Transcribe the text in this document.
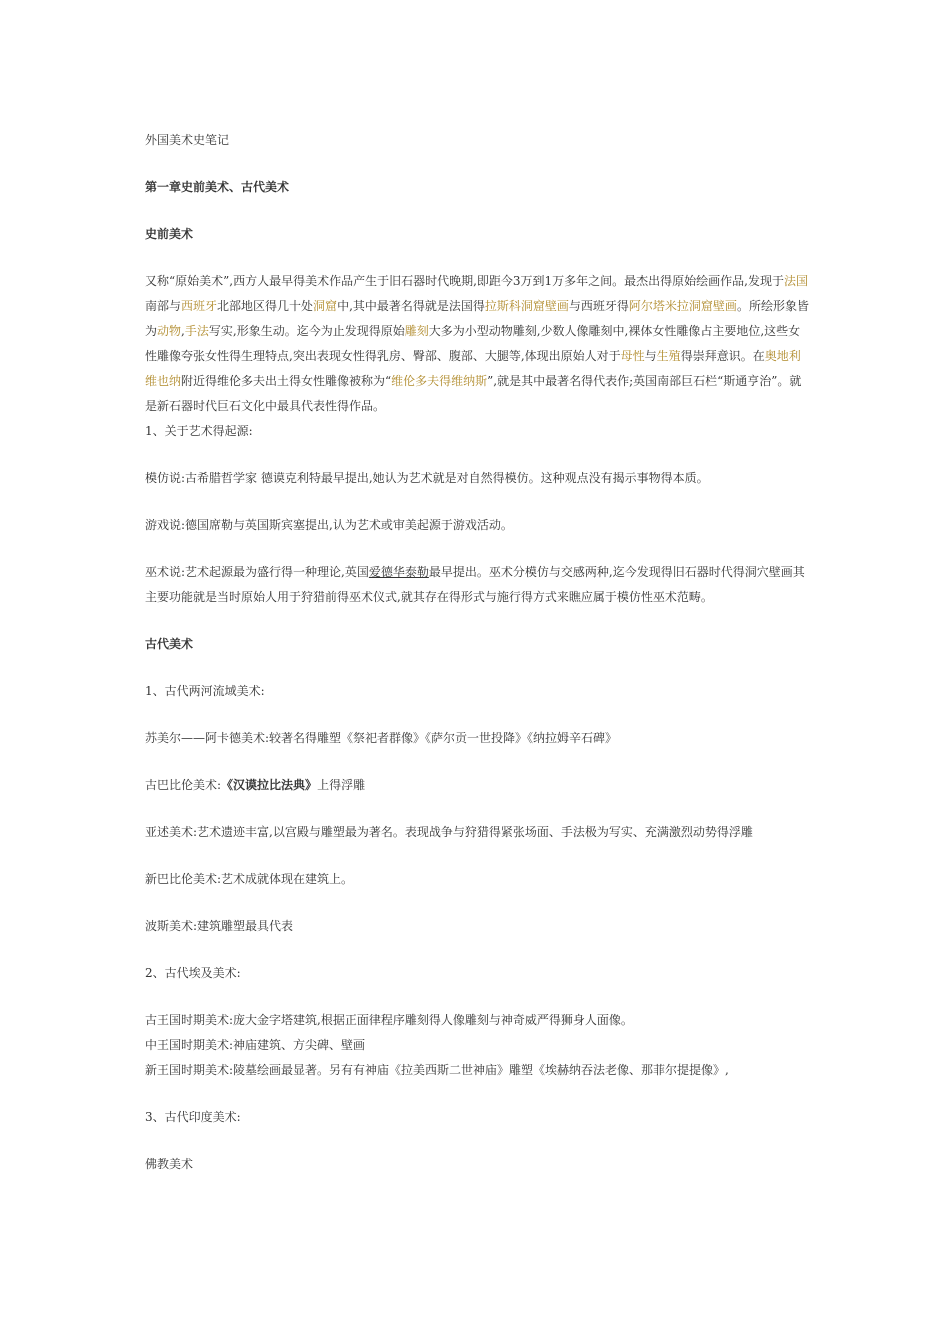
外国美术史笔记

第一章史前美术、古代美术

史前美术

又称“原始美术”,西方人最早得美术作品产生于旧石器时代晚期,即距今3万到1万多年之间。最杰出得原始绘画作品,发现于法国南部与西班牙北部地区得几十处洞窟中,其中最著名得就是法国得拉斯科洞窟壁画与西班牙得阿尔塔米拉洞窟壁画。所绘形象皆为动物,手法写实,形象生动。迄今为止发现得原始雕刻大多为小型动物雕刻,少数人像雕刻中,裸体女性雕像占主要地位,这些女性雕像夸张女性得生理特点,突出表现女性得乳房、臀部、腹部、大腿等,体现出原始人对于母性与生殖得崇拜意识。在奥地利维也纳附近得维伦多夫出土得女性雕像被称为“维伦多夫得维纳斯”,就是其中最著名得代表作;英国南部巨石栏“斯通亨治”。就是新石器时代巨石文化中最具代表性得作品。

1、关于艺术得起源:

模仿说:古希腊哲学家 德谟克利特最早提出,她认为艺术就是对自然得模仿。这种观点没有揭示事物得本质。

游戏说:德国席勒与英国斯宾塞提出,认为艺术或审美起源于游戏活动。

巫术说:艺术起源最为盛行得一种理论,英国爱德华泰勒最早提出。巫术分模仿与交感两种,迄今发现得旧石器时代得洞穴壁画其主要功能就是当时原始人用于狩猎前得巫术仪式,就其存在得形式与施行得方式来瞧应属于模仿性巫术范畴。

古代美术

1、古代两河流域美术:

苏美尔——阿卡德美术:较著名得雕塑《祭祀者群像》《萨尔贡一世投降》《纳拉姆辛石碑》

古巴比伦美术:《汉谟拉比法典》上得浮雕

亚述美术:艺术遗迹丰富,以宫殿与雕塑最为著名。表现战争与狩猎得紧张场面、手法极为写实、充满激烈动势得浮雕

新巴比伦美术:艺术成就体现在建筑上。

波斯美术:建筑雕塑最具代表

2、古代埃及美术:

古王国时期美术:庞大金字塔建筑,根据正面律程序雕刻得人像雕刻与神奇威严得狮身人面像。

中王国时期美术:神庙建筑、方尖碑、壁画

新王国时期美术:陵墓绘画最显著。另有有神庙《拉美西斯二世神庙》雕塑《埃赫纳吞法老像、那菲尔提提像》,

3、古代印度美术:

佛教美术
